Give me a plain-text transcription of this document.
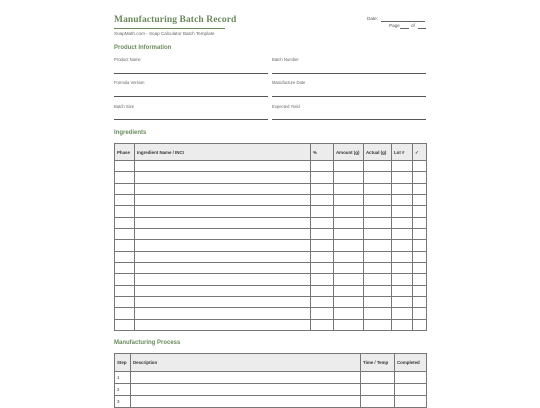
Manufacturing Batch Record
SoapMath.com - Soap Calculator Batch Template
Date:
Page of
Product Information
Product Name	Batch Number
Formula Version	Manufacture Date
Batch Size	Expected Yield
Ingredients
Phase	Ingredient Name / INCI	%	Amount (g)	Actual (g)	Lot #	✓

Manufacturing Process
Step	Description	Time / Temp	Completed
1			
2			
3			
